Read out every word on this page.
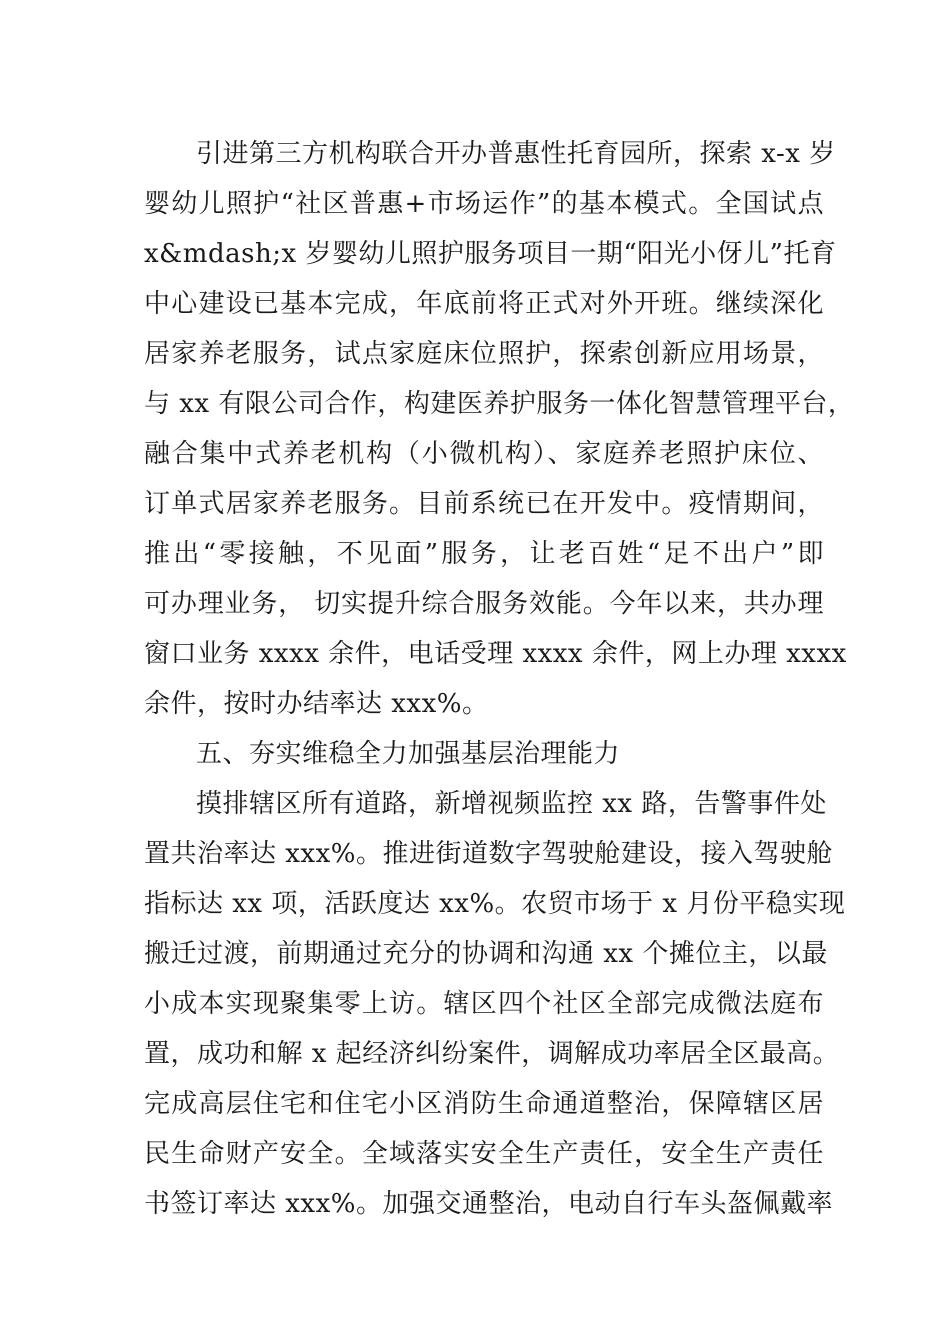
引进第三方机构联合开办普惠性托育园所，探索 x-x 岁

婴幼儿照护“社区普惠+市场运作”的基本模式。全国试点

x&mdash;x 岁婴幼儿照护服务项目一期“阳光小伢儿”托育

中心建设已基本完成，年底前将正式对外开班。继续深化

居家养老服务，试点家庭床位照护，探索创新应用场景，

与 xx 有限公司合作，构建医养护服务一体化智慧管理平台，

融合集中式养老机构（小微机构）、家庭养老照护床位、

订单式居家养老服务。目前系统已在开发中。疫情期间，

推出“零接触，不见面”服务，让老百姓“足不出户”即

可办理业务， 切实提升综合服务效能。今年以来，共办理

窗口业务 xxxx 余件，电话受理 xxxx 余件，网上办理 xxxx

余件，按时办结率达 xxx%。

五、夯实维稳全力加强基层治理能力

摸排辖区所有道路，新增视频监控 xx 路，告警事件处

置共治率达 xxx%。推进街道数字驾驶舱建设，接入驾驶舱

指标达 xx 项，活跃度达 xx%。农贸市场于 x 月份平稳实现

搬迁过渡，前期通过充分的协调和沟通 xx 个摊位主，以最

小成本实现聚集零上访。辖区四个社区全部完成微法庭布

置，成功和解 x 起经济纠纷案件，调解成功率居全区最高。

完成高层住宅和住宅小区消防生命通道整治，保障辖区居

民生命财产安全。全域落实安全生产责任，安全生产责任

书签订率达 xxx%。加强交通整治，电动自行车头盔佩戴率
